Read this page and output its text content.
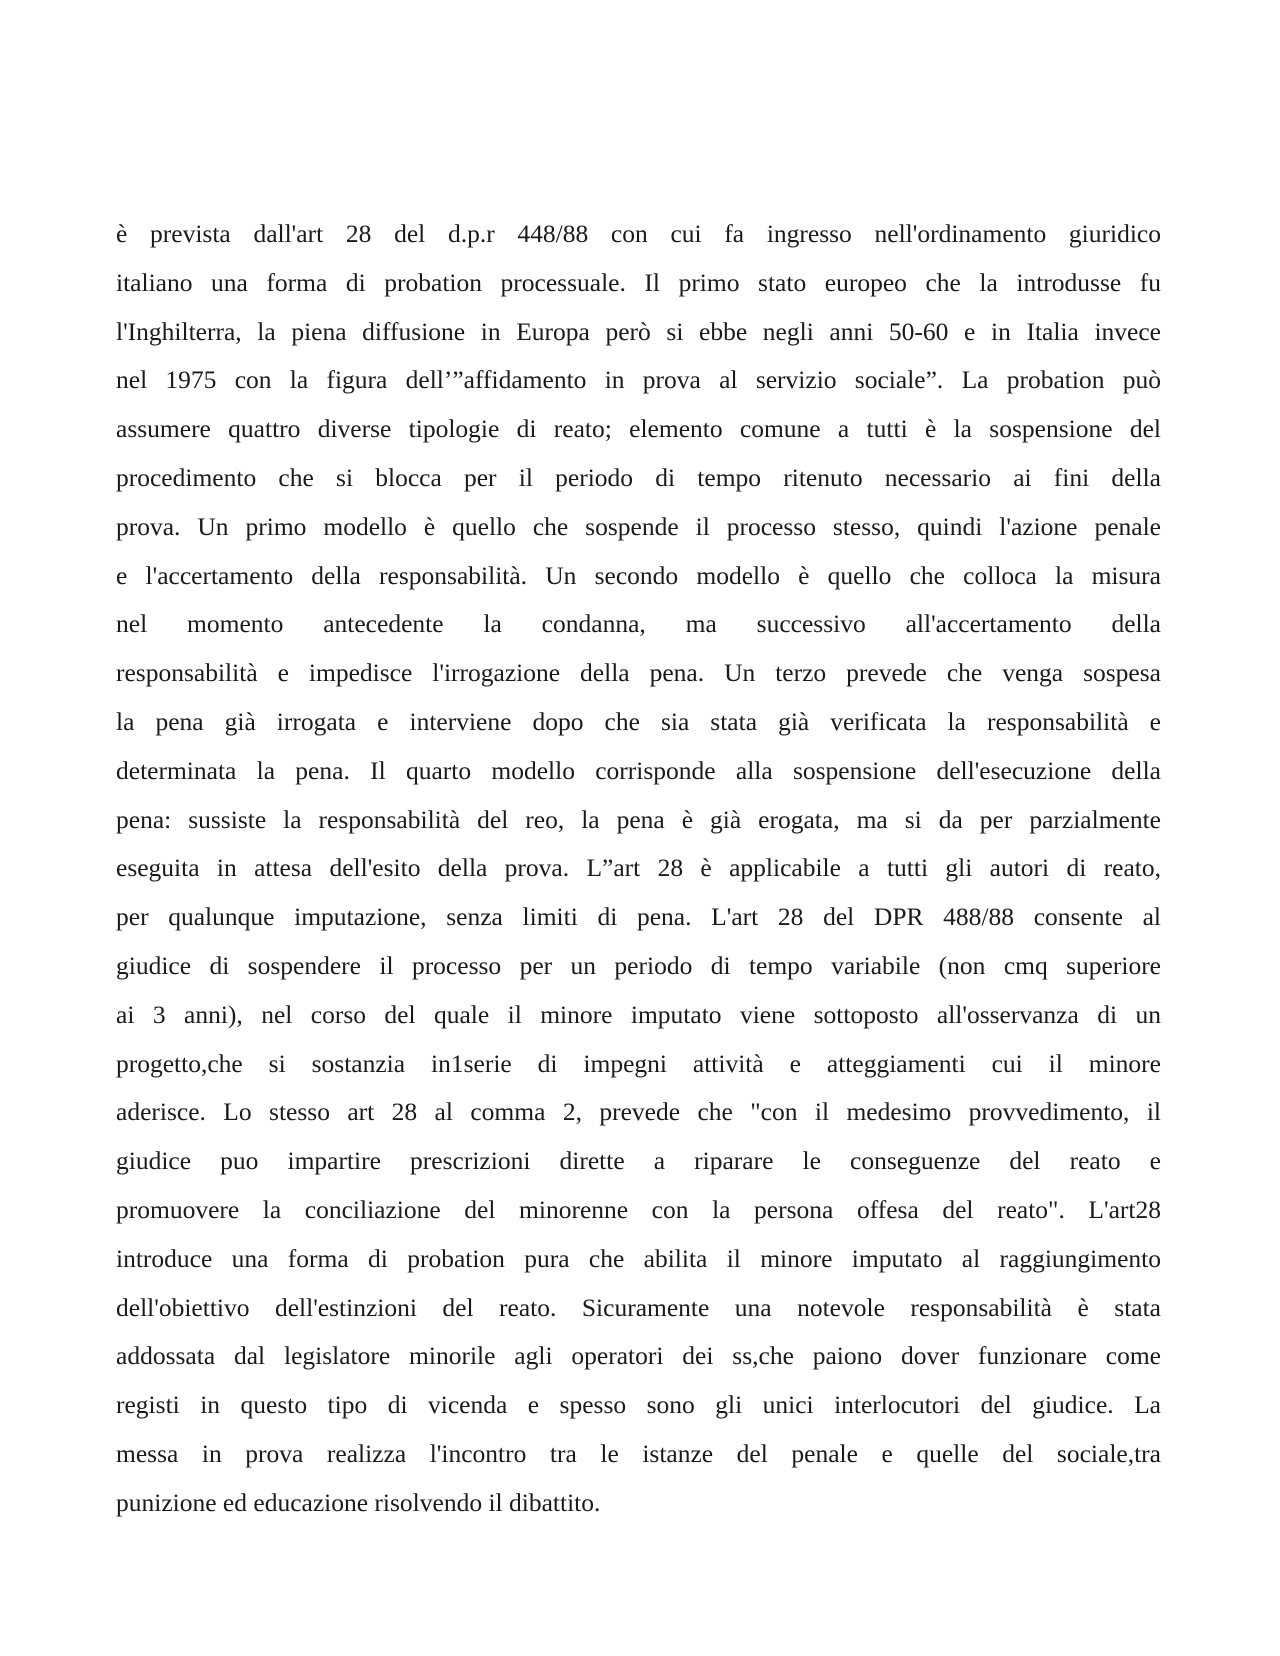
è prevista dall'art 28 del d.p.r 448/88 con cui fa ingresso nell'ordinamento giuridico
italiano una forma di probation processuale. Il primo stato europeo che la introdusse fu
l'Inghilterra, la piena diffusione in Europa però si ebbe negli anni 50-60 e in Italia invece
nel 1975 con la figura dell’”affidamento in prova al servizio sociale”. La probation può
assumere quattro diverse tipologie di reato; elemento comune a tutti è la sospensione del
procedimento che si blocca per il periodo di tempo ritenuto necessario ai fini della
prova. Un primo modello è quello che sospende il processo stesso, quindi l'azione penale
e l'accertamento della responsabilità. Un secondo modello è quello che colloca la misura
nel momento antecedente la condanna, ma successivo all'accertamento della
responsabilità e impedisce l'irrogazione della pena. Un terzo prevede che venga sospesa
la pena già irrogata e interviene dopo che sia stata già verificata la responsabilità e
determinata la pena. Il quarto modello corrisponde alla sospensione dell'esecuzione della
pena: sussiste la responsabilità del reo, la pena è già erogata, ma si da per parzialmente
eseguita in attesa dell'esito della prova. L”art 28 è applicabile a tutti gli autori di reato,
per qualunque imputazione, senza limiti di pena. L'art 28 del DPR 488/88 consente al
giudice di sospendere il processo per un periodo di tempo variabile (non cmq superiore
ai 3 anni), nel corso del quale il minore imputato viene sottoposto all'osservanza di un
progetto,che si sostanzia in1serie di impegni attività e atteggiamenti cui il minore
aderisce. Lo stesso art 28 al comma 2, prevede che "con il medesimo provvedimento, il
giudice puo impartire prescrizioni dirette a riparare le conseguenze del reato e
promuovere la conciliazione del minorenne con la persona offesa del reato". L'art28
introduce una forma di probation pura che abilita il minore imputato al raggiungimento
dell'obiettivo dell'estinzioni del reato. Sicuramente una notevole responsabilità è stata
addossata dal legislatore minorile agli operatori dei ss,che paiono dover funzionare come
registi in questo tipo di vicenda e spesso sono gli unici interlocutori del giudice. La
messa in prova realizza l'incontro tra le istanze del penale e quelle del sociale,tra
punizione ed educazione risolvendo il dibattito.
